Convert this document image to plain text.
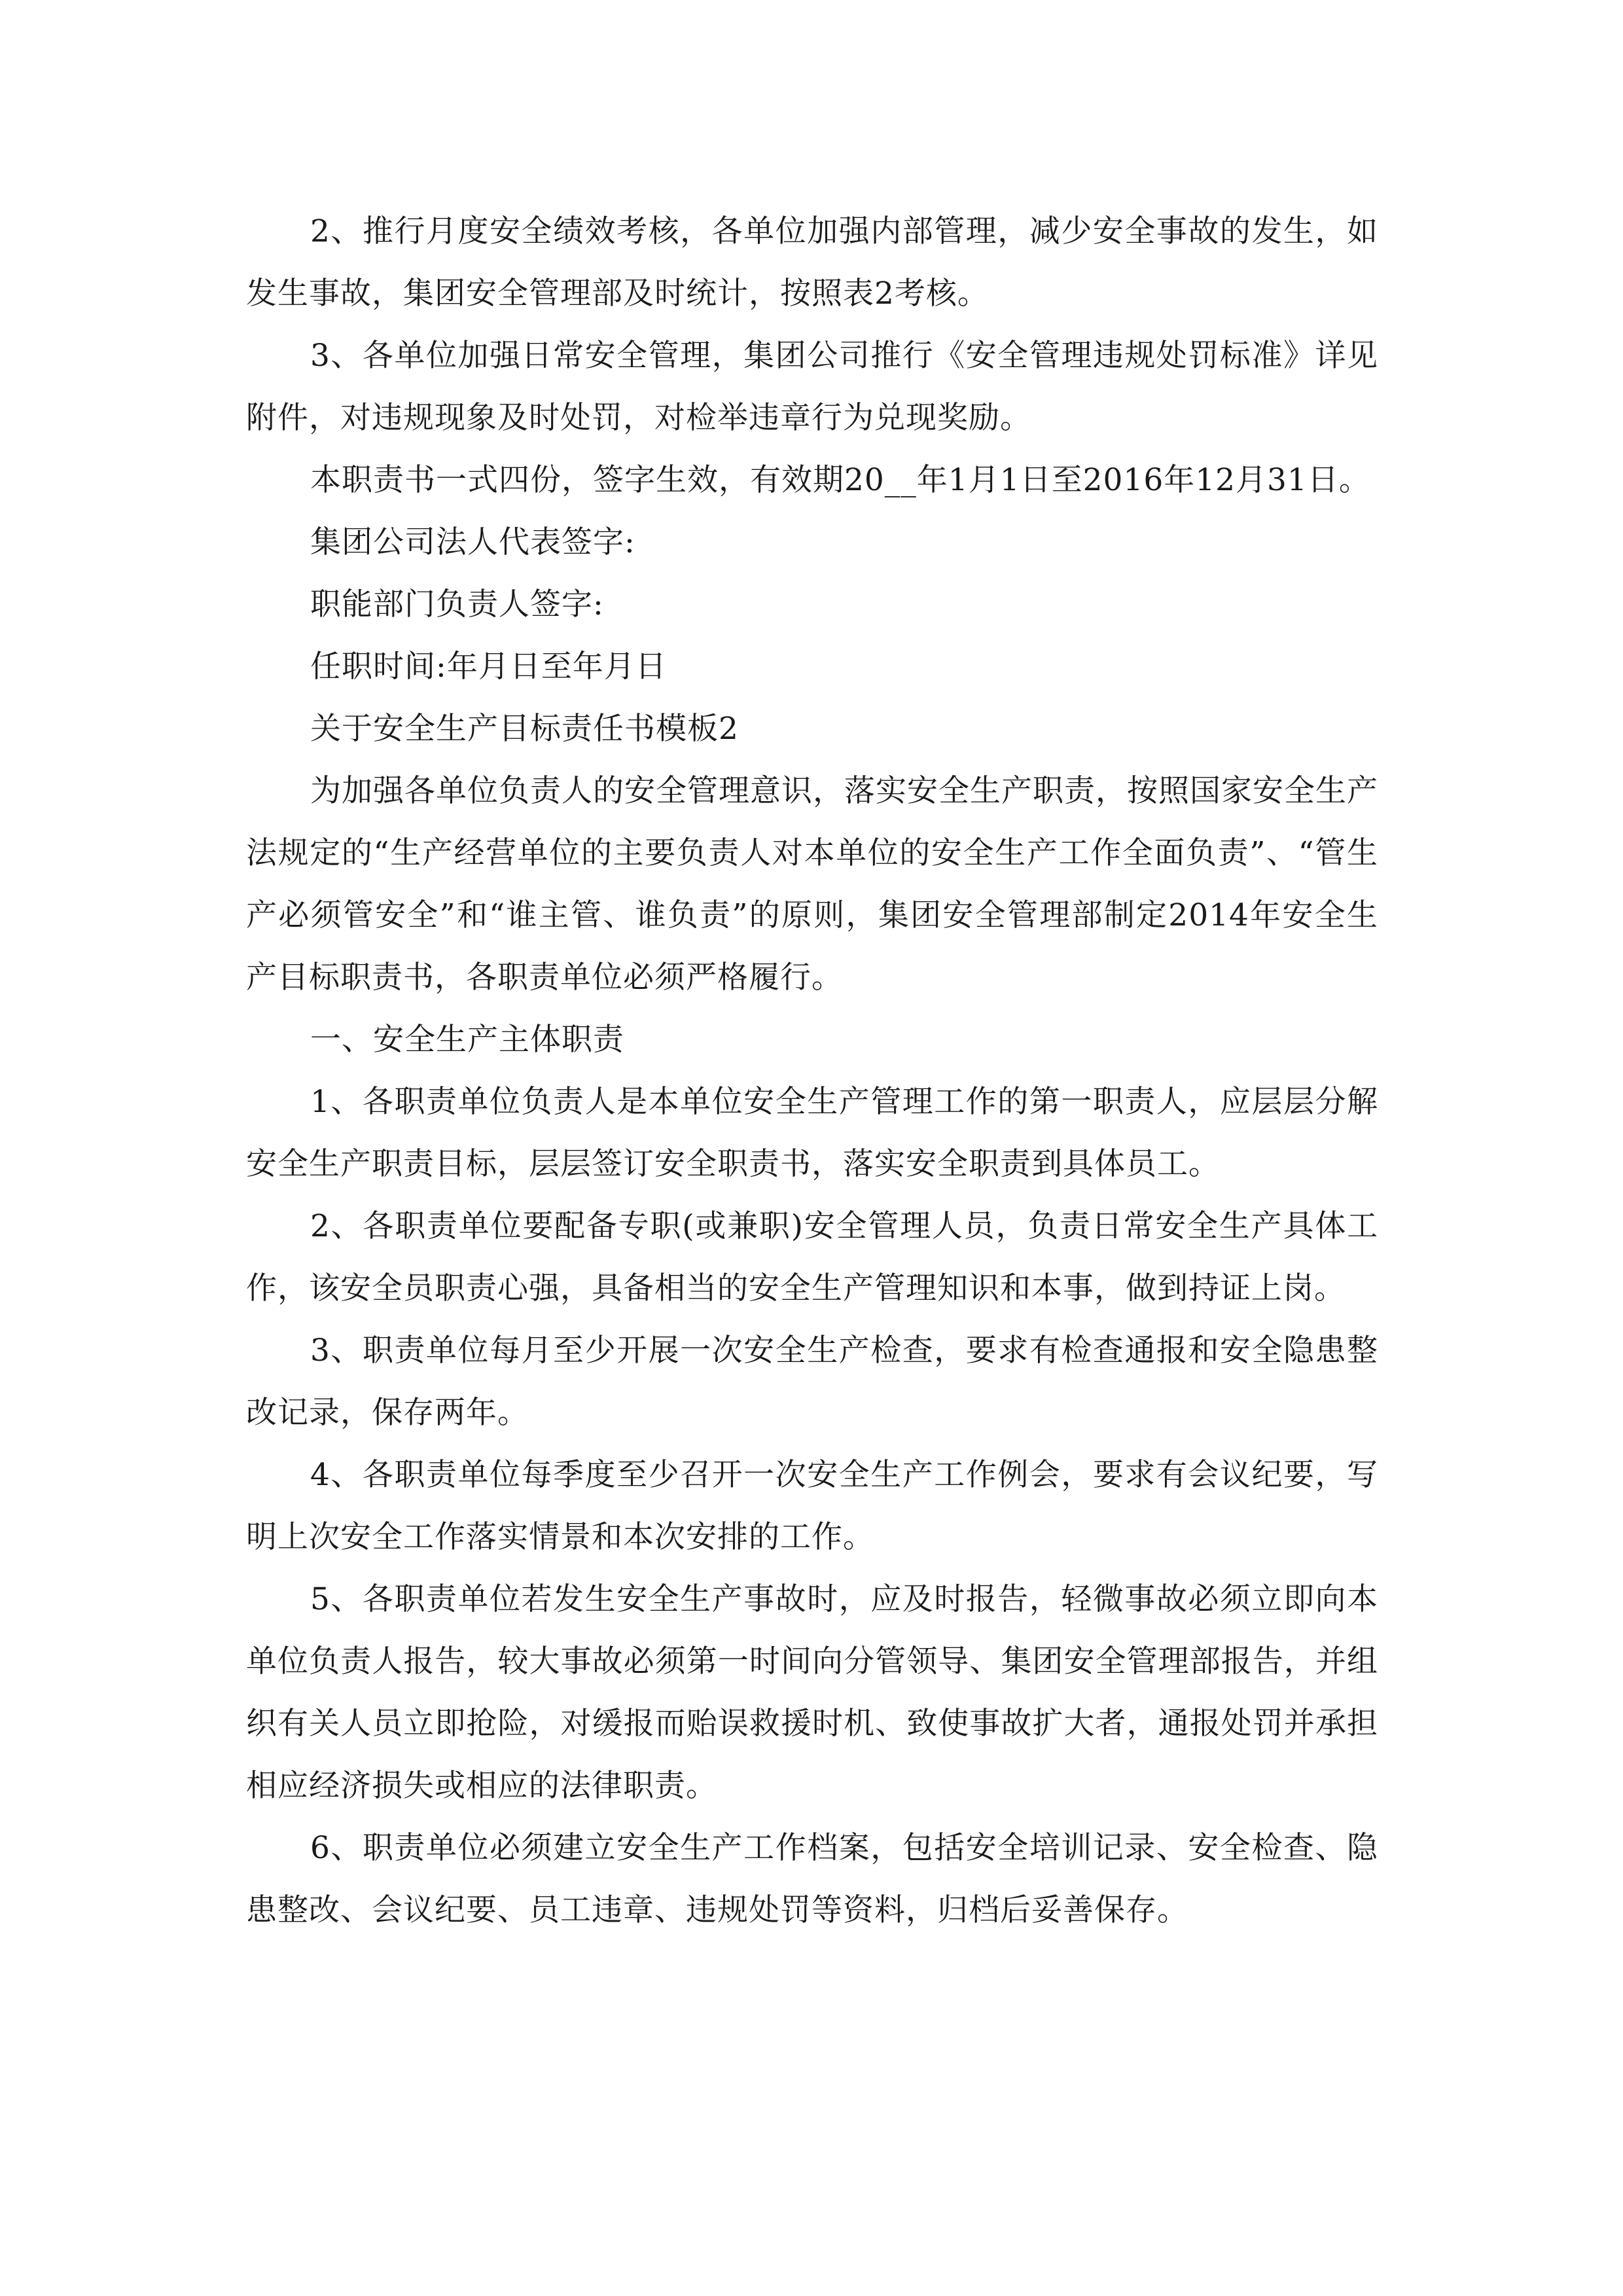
2、推行月度安全绩效考核，各单位加强内部管理，减少安全事故的发生，如发生事故，集团安全管理部及时统计，按照表2考核。

3、各单位加强日常安全管理，集团公司推行《安全管理违规处罚标准》详见附件，对违规现象及时处罚，对检举违章行为兑现奖励。

本职责书一式四份，签字生效，有效期20__年1月1日至2016年12月31日。

集团公司法人代表签字:

职能部门负责人签字:

任职时间:年月日至年月日

关于安全生产目标责任书模板2

为加强各单位负责人的安全管理意识，落实安全生产职责，按照国家安全生产法规定的“生产经营单位的主要负责人对本单位的安全生产工作全面负责”、“管生产必须管安全”和“谁主管、谁负责”的原则，集团安全管理部制定2014年安全生产目标职责书，各职责单位必须严格履行。

一、安全生产主体职责

1、各职责单位负责人是本单位安全生产管理工作的第一职责人，应层层分解安全生产职责目标，层层签订安全职责书，落实安全职责到具体员工。

2、各职责单位要配备专职(或兼职)安全管理人员，负责日常安全生产具体工作，该安全员职责心强，具备相当的安全生产管理知识和本事，做到持证上岗。

3、职责单位每月至少开展一次安全生产检查，要求有检查通报和安全隐患整改记录，保存两年。

4、各职责单位每季度至少召开一次安全生产工作例会，要求有会议纪要，写明上次安全工作落实情景和本次安排的工作。

5、各职责单位若发生安全生产事故时，应及时报告，轻微事故必须立即向本单位负责人报告，较大事故必须第一时间向分管领导、集团安全管理部报告，并组织有关人员立即抢险，对缓报而贻误救援时机、致使事故扩大者，通报处罚并承担相应经济损失或相应的法律职责。

6、职责单位必须建立安全生产工作档案，包括安全培训记录、安全检查、隐患整改、会议纪要、员工违章、违规处罚等资料，归档后妥善保存。
